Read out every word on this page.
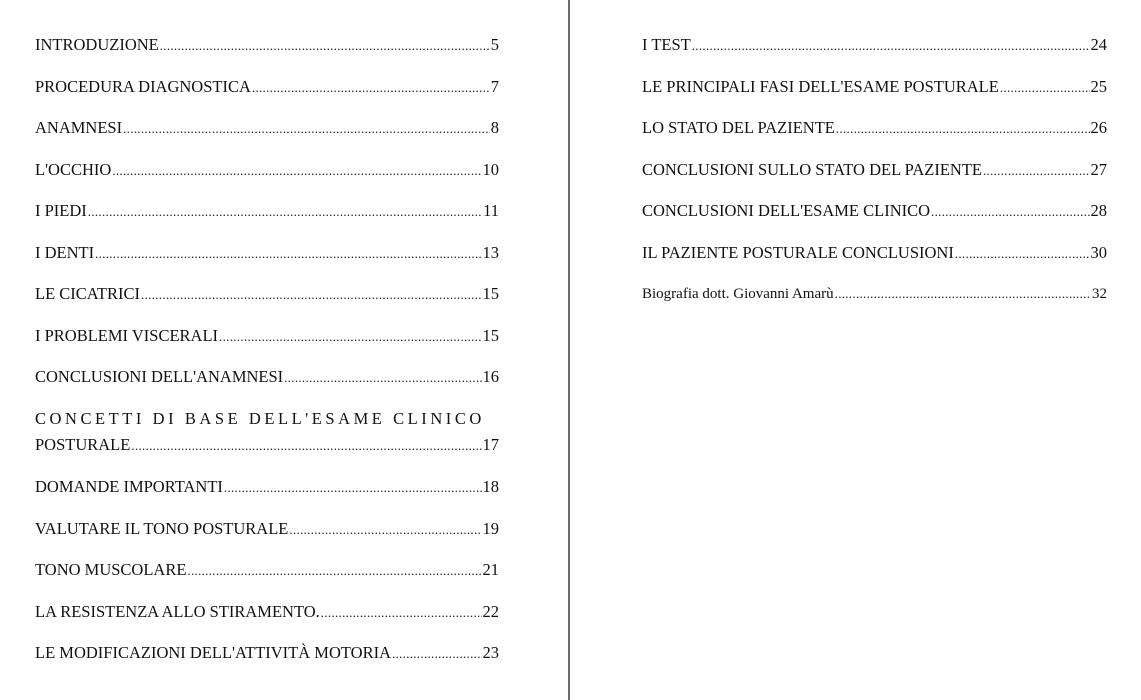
INTRODUZIONE .....	5
PROCEDURA DIAGNOSTICA .....	7
ANAMNESI .....	8
L'OCCHIO .....	10
I PIEDI .....	11
I DENTI .....	13
LE CICATRICI .....	15
I PROBLEMI VISCERALI .....	15
CONCLUSIONI DELL'ANAMNESI .....	16
CONCETTI DI BASE DELL'ESAME CLINICO
POSTURALE .....	17
DOMANDE IMPORTANTI .....	18
VALUTARE IL TONO POSTURALE .....	19
TONO MUSCOLARE .....	21
LA RESISTENZA ALLO STIRAMENTO. .....	22
LE MODIFICAZIONI DELL'ATTIVITÀ MOTORIA .....	23
I TEST .....	24
LE PRINCIPALI FASI DELL'ESAME POSTURALE .....	25
LO STATO DEL PAZIENTE .....	26
CONCLUSIONI SULLO STATO DEL PAZIENTE .....	27
CONCLUSIONI DELL'ESAME CLINICO .....	28
IL PAZIENTE POSTURALE CONCLUSIONI .....	30
Biografia dott. Giovanni Amarù .....	32
